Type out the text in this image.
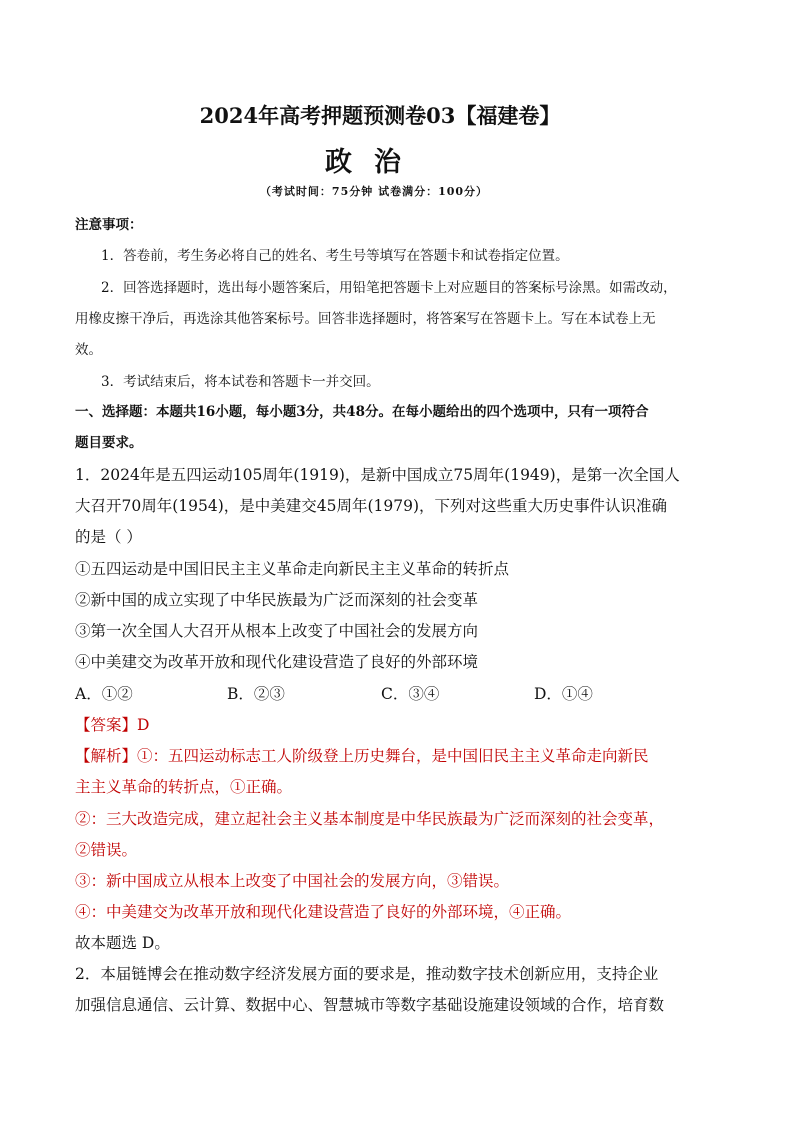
2024年高考押题预测卷03【福建卷】
政治
（考试时间：75分钟 试卷满分：100分）
注意事项：
1．答卷前，考生务必将自己的姓名、考生号等填写在答题卡和试卷指定位置。
2．回答选择题时，选出每小题答案后，用铅笔把答题卡上对应题目的答案标号涂黑。如需改动，
用橡皮擦干净后，再选涂其他答案标号。回答非选择题时，将答案写在答题卡上。写在本试卷上无
效。
3．考试结束后，将本试卷和答题卡一并交回。
一、选择题：本题共16小题，每小题3分，共48分。在每小题给出的四个选项中，只有一项符合
题目要求。
1．2024年是五四运动105周年(1919)，是新中国成立75周年(1949)，是第一次全国人
大召开70周年(1954)，是中美建交45周年(1979)，下列对这些重大历史事件认识准确
的是（ ）
①五四运动是中国旧民主主义革命走向新民主主义革命的转折点
②新中国的成立实现了中华民族最为广泛而深刻的社会变革
③第一次全国人大召开从根本上改变了中国社会的发展方向
④中美建交为改革开放和现代化建设营造了良好的外部环境
A．①②	B．②③	C．③④	D．①④
【答案】D
【解析】①：五四运动标志工人阶级登上历史舞台，是中国旧民主主义革命走向新民
主主义革命的转折点，①正确。
②：三大改造完成，建立起社会主义基本制度是中华民族最为广泛而深刻的社会变革，
②错误。
③：新中国成立从根本上改变了中国社会的发展方向，③错误。
④：中美建交为改革开放和现代化建设营造了良好的外部环境，④正确。
故本题选 D。
2．本届链博会在推动数字经济发展方面的要求是，推动数字技术创新应用，支持企业
加强信息通信、云计算、数据中心、智慧城市等数字基础设施建设领域的合作，培育数
